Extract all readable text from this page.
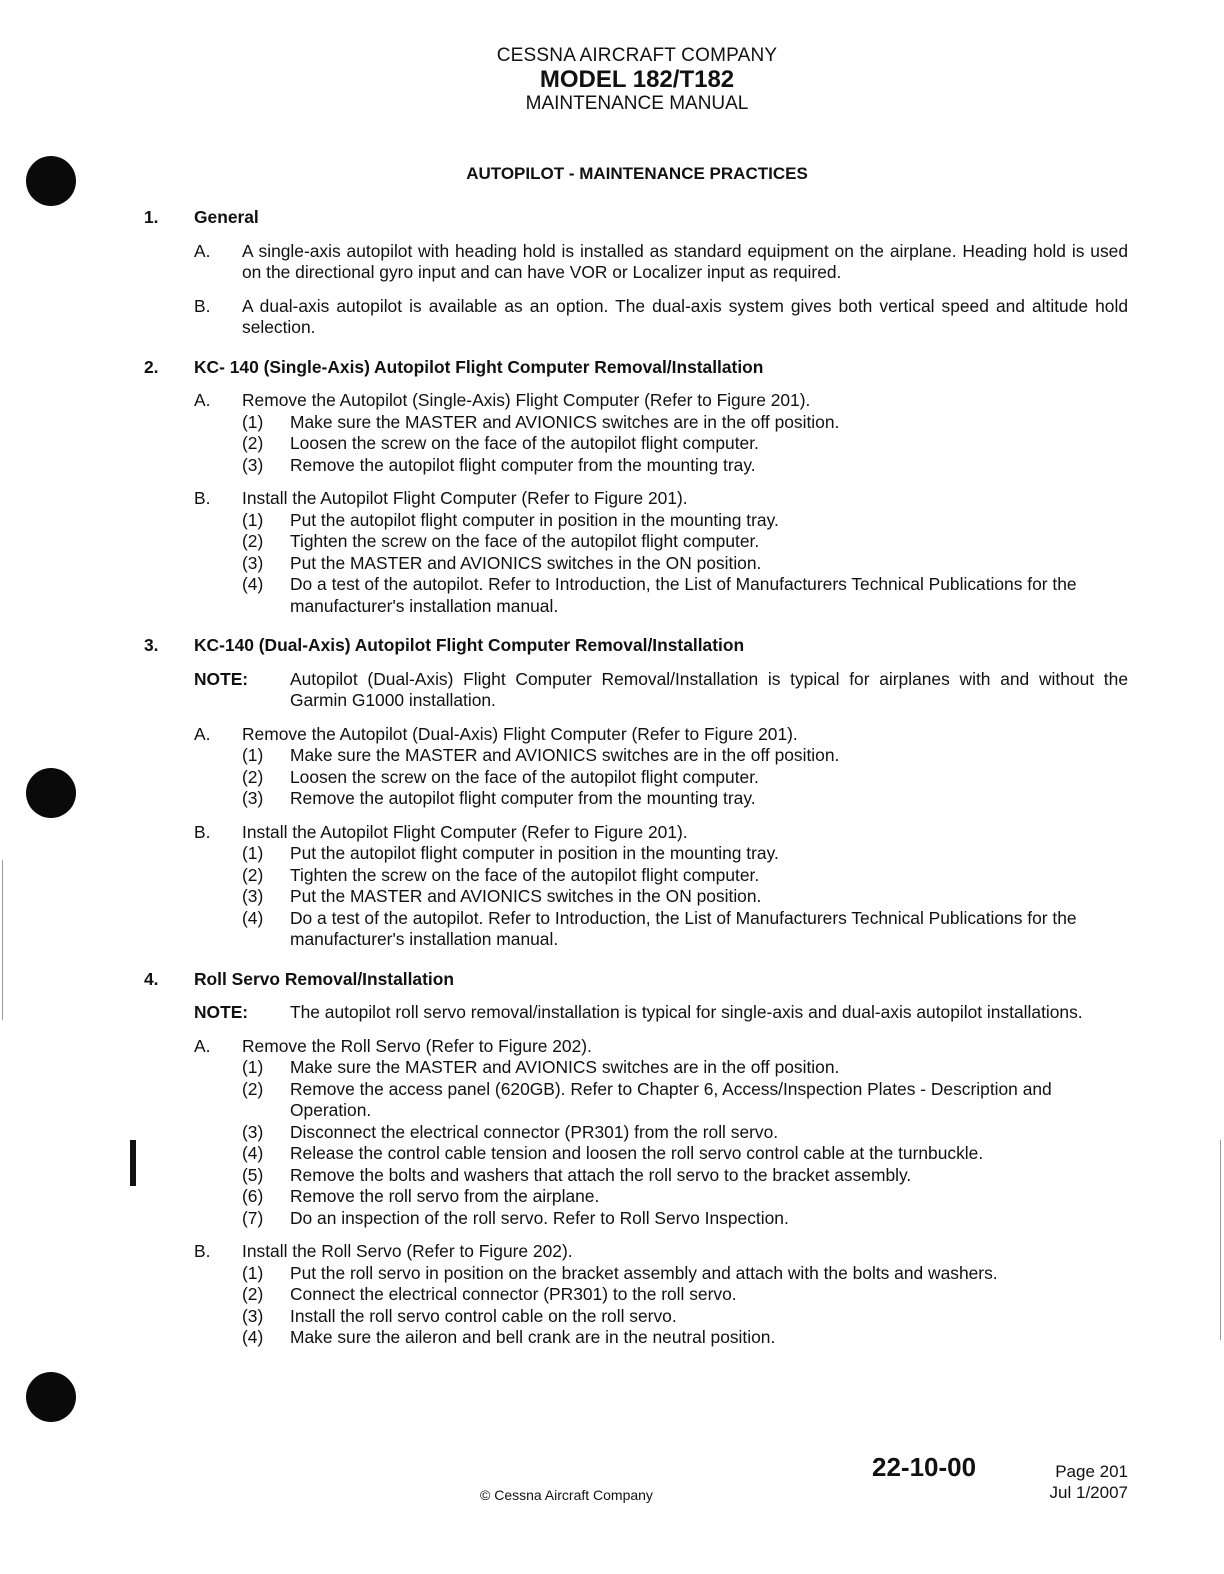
CESSNA AIRCRAFT COMPANY
MODEL 182/T182
MAINTENANCE MANUAL
AUTOPILOT - MAINTENANCE PRACTICES
1.	General
A.	A single-axis autopilot with heading hold is installed as standard equipment on the airplane. Heading hold is used on the directional gyro input and can have VOR or Localizer input as required.
B.	A dual-axis autopilot is available as an option. The dual-axis system gives both vertical speed and altitude hold selection.
2.	KC- 140 (Single-Axis) Autopilot Flight Computer Removal/Installation
A.	Remove the Autopilot (Single-Axis) Flight Computer (Refer to Figure 201).
(1)	Make sure the MASTER and AVIONICS switches are in the off position.
(2)	Loosen the screw on the face of the autopilot flight computer.
(3)	Remove the autopilot flight computer from the mounting tray.
B.	Install the Autopilot Flight Computer (Refer to Figure 201).
(1)	Put the autopilot flight computer in position in the mounting tray.
(2)	Tighten the screw on the face of the autopilot flight computer.
(3)	Put the MASTER and AVIONICS switches in the ON position.
(4)	Do a test of the autopilot. Refer to Introduction, the List of Manufacturers Technical Publications for the manufacturer's installation manual.
3.	KC-140 (Dual-Axis) Autopilot Flight Computer Removal/Installation
NOTE:	Autopilot (Dual-Axis) Flight Computer Removal/Installation is typical for airplanes with and without the Garmin G1000 installation.
A.	Remove the Autopilot (Dual-Axis) Flight Computer (Refer to Figure 201).
(1)	Make sure the MASTER and AVIONICS switches are in the off position.
(2)	Loosen the screw on the face of the autopilot flight computer.
(3)	Remove the autopilot flight computer from the mounting tray.
B.	Install the Autopilot Flight Computer (Refer to Figure 201).
(1)	Put the autopilot flight computer in position in the mounting tray.
(2)	Tighten the screw on the face of the autopilot flight computer.
(3)	Put the MASTER and AVIONICS switches in the ON position.
(4)	Do a test of the autopilot. Refer to Introduction, the List of Manufacturers Technical Publications for the manufacturer's installation manual.
4.	Roll Servo Removal/Installation
NOTE:	The autopilot roll servo removal/installation is typical for single-axis and dual-axis autopilot installations.
A.	Remove the Roll Servo (Refer to Figure 202).
(1)	Make sure the MASTER and AVIONICS switches are in the off position.
(2)	Remove the access panel (620GB). Refer to Chapter 6, Access/Inspection Plates - Description and Operation.
(3)	Disconnect the electrical connector (PR301) from the roll servo.
(4)	Release the control cable tension and loosen the roll servo control cable at the turnbuckle.
(5)	Remove the bolts and washers that attach the roll servo to the bracket assembly.
(6)	Remove the roll servo from the airplane.
(7)	Do an inspection of the roll servo. Refer to Roll Servo Inspection.
B.	Install the Roll Servo (Refer to Figure 202).
(1)	Put the roll servo in position on the bracket assembly and attach with the bolts and washers.
(2)	Connect the electrical connector (PR301) to the roll servo.
(3)	Install the roll servo control cable on the roll servo.
(4)	Make sure the aileron and bell crank are in the neutral position.
22-10-00	Page 201
Jul 1/2007
© Cessna Aircraft Company
